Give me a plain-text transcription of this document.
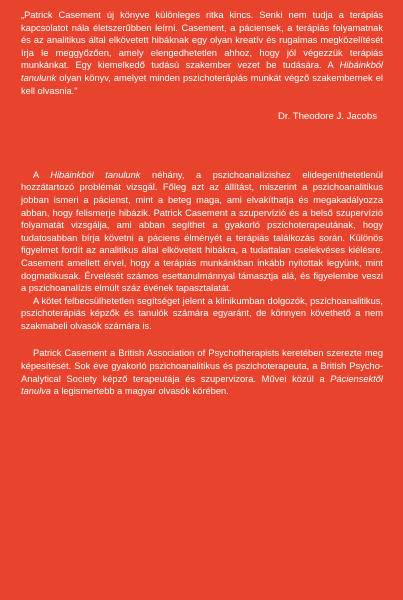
„Patrick Casement új könyve különleges ritka kincs. Senki nem tudja a terápiás kapcsolatot nála életszerűbben leírni. Casement, a páciensek, a terápiás folyamatnak és az analitikus által elkövetett hibáknak egy olyan kreatív és rugalmas megközelítését írja le meggyőzően, amely elengedhetetlen ahhoz, hogy jól végezzük terápiás munkánkat. Egy kiemelkedő tudású szakember vezet be tudására. A Hibáinkból tanulunk olyan könyv, amelyet minden pszichoterápiás munkát végző szakembernek el kell olvasnia."

Dr. Theodore J. Jacobs

A Hibáinkból tanulunk néhány, a pszichoanalízishez elidegeníthetetlenül hozzátartozó problémát vizsgál. Főleg azt az állítást, miszerint a pszichoanalitikus jobban ismeri a pácienst, mint a beteg maga, ami elvakíthatja és megakadályozza abban, hogy felismerje hibázik. Patrick Casement a szupervízió és a belső szupervízió folyamatát vizsgálja, ami abban segíthet a gyakorló pszichoterapeutának, hogy tudatosabban bírja követni a páciens élményét a terápiás találkozás során. Különös figyelmet fordít az analitikus által elkövetett hibákra, a tudattalan cselekvéses kiélésre. Casement amellett érvel, hogy a terápiás munkánkban inkább nyitottak legyünk, mint dogmatikusak. Érvelését számos esettanulmánnyal támasztja alá, és figyelembe veszi a pszichoanalízis elmúlt száz évének tapasztalatát.

A kötet felbecsülhetetlen segítséget jelent a klinikumban dolgozók, pszichoanalitikus, pszichoterápiás képzők és tanulók számára egyaránt, de könnyen követhető a nem szakmabeli olvasók számára is.

Patrick Casement a British Association of Psychotherapists keretében szerezte meg képesítését. Sok éve gyakorló pszichoanalitikus és pszichoterapeuta, a British Psycho-Analytical Society képző terapeutája és szupervizora. Művei közül a Páciensektől tanulva a legismertebb a magyar olvasók körében.
